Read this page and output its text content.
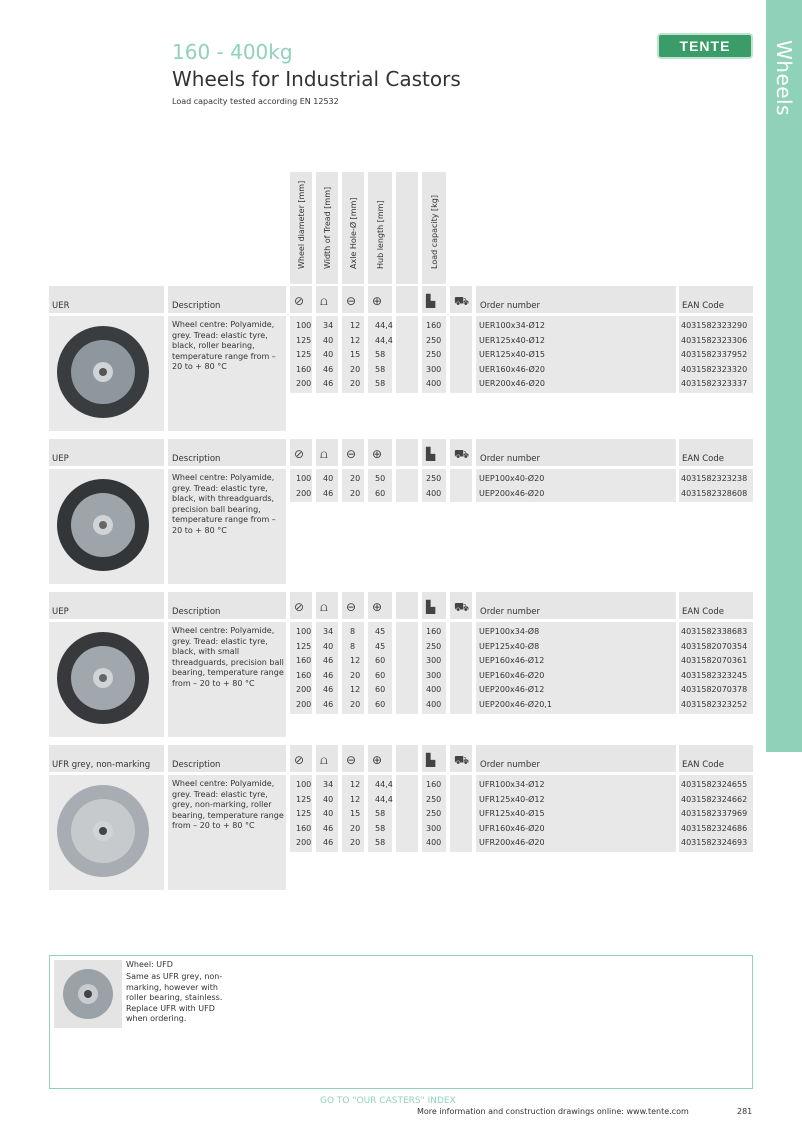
Wheels
160 - 400kg
Wheels for Industrial Castors
Load capacity tested according EN 12532
TENTE
Wheel diameter [mm] Width of Tread [mm] Axle Hole-Ø [mm] Hub length [mm]	Load capacity [kg]
UER	Description	⊘ ⩍ ⊖ ⊕	▙ ⛟ Order number	EAN Code
Wheel centre: Polyamide, grey. Tread: elastic tyre, black, roller bearing, temperature range from – 20 to + 80 °C
100 34 12 44,4	160	UER100x34-Ø12	4031582323290
125 40 12 44,4	250	UER125x40-Ø12	4031582323306
125 40 15 58	250	UER125x40-Ø15	4031582337952
160 46 20 58	300	UER160x46-Ø20	4031582323320
200 46 20 58	400	UER200x46-Ø20	4031582323337
UEP	Description	⊘ ⩍ ⊖ ⊕	▙ ⛟ Order number	EAN Code
Wheel centre: Polyamide, grey. Tread: elastic tyre, black, with threadguards, precision ball bearing, temperature range from – 20 to + 80 °C
100 40 20 50	250	UEP100x40-Ø20	4031582323238
200 46 20 60	400	UEP200x46-Ø20	4031582328608
UEP	Description	⊘ ⩍ ⊖ ⊕	▙ ⛟ Order number	EAN Code
Wheel centre: Polyamide, grey. Tread: elastic tyre, black, with small threadguards, precision ball bearing, temperature range from – 20 to + 80 °C
100 34 8 45	160	UEP100x34-Ø8	4031582338683
125 40 8 45	250	UEP125x40-Ø8	4031582070354
160 46 12 60	300	UEP160x46-Ø12	4031582070361
160 46 20 60	300	UEP160x46-Ø20	4031582323245
200 46 12 60	400	UEP200x46-Ø12	4031582070378
200 46 20 60	400	UEP200x46-Ø20,1	4031582323252
UFR grey, non-marking	Description	⊘ ⩍ ⊖ ⊕	▙ ⛟ Order number	EAN Code
Wheel centre: Polyamide, grey. Tread: elastic tyre, grey, non-marking, roller bearing, temperature range from – 20 to + 80 °C
100 34 12 44,4	160	UFR100x34-Ø12	4031582324655
125 40 12 44,4	250	UFR125x40-Ø12	4031582324662
125 40 15 58	250	UFR125x40-Ø15	4031582337969
160 46 20 58	300	UFR160x46-Ø20	4031582324686
200 46 20 58	400	UFR200x46-Ø20	4031582324693
Wheel: UFD
Same as UFR grey, non-marking, however with roller bearing, stainless. Replace UFR with UFD when ordering.
GO TO "OUR CASTERS" INDEX
More information and construction drawings online: www.tente.com	281
